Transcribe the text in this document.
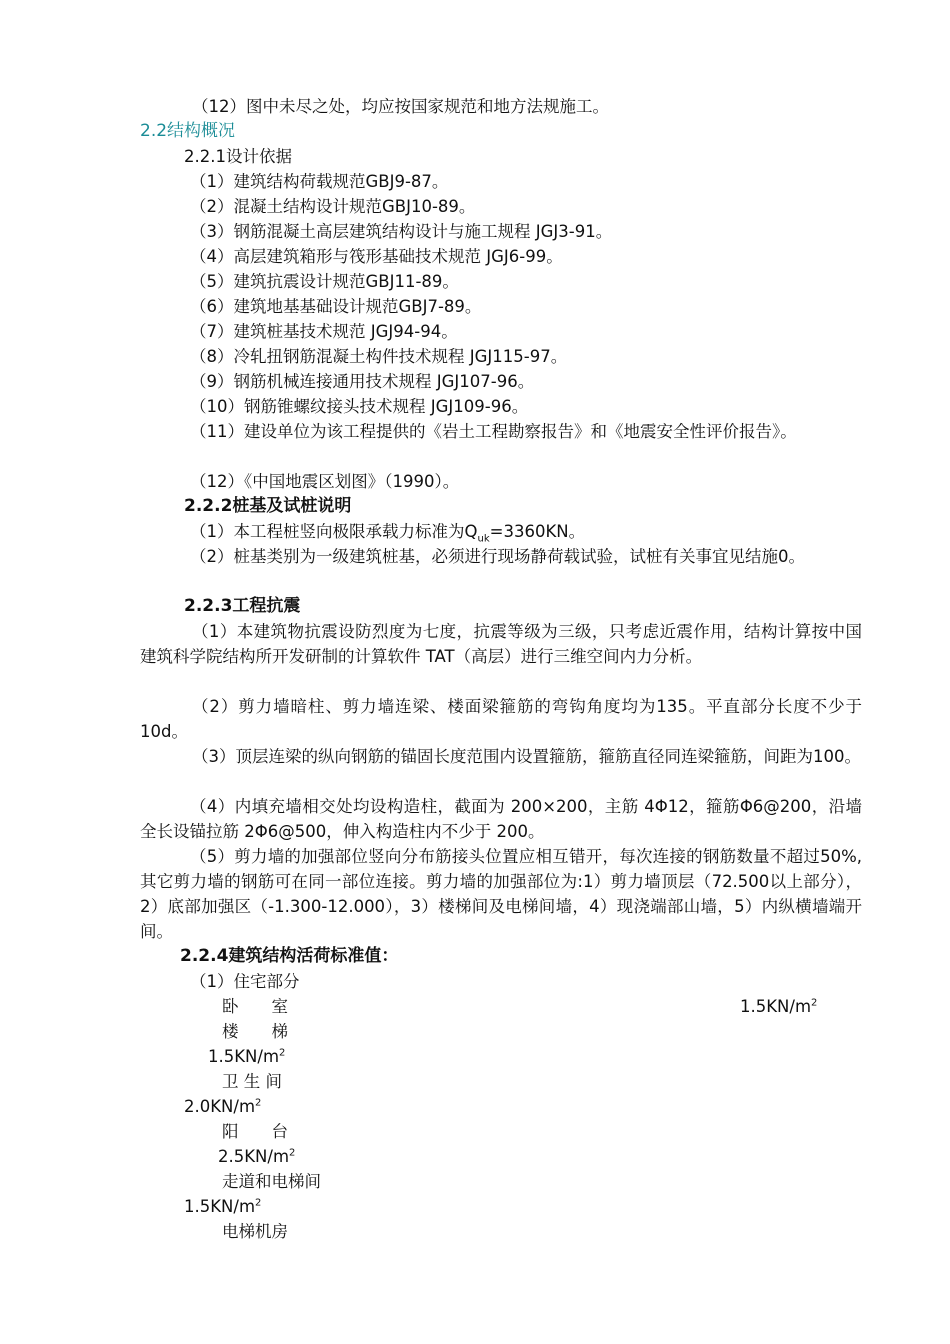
（12）图中未尽之处，均应按国家规范和地方法规施工。
2.2结构概况
2.2.1设计依据
（1）建筑结构荷载规范GBJ9-87。
（2）混凝土结构设计规范GBJ10-89。
（3）钢筋混凝土高层建筑结构设计与施工规程 JGJ3-91。
（4）高层建筑箱形与筏形基础技术规范 JGJ6-99。
（5）建筑抗震设计规范GBJ11-89。
（6）建筑地基基础设计规范GBJ7-89。
（7）建筑桩基技术规范 JGJ94-94。
（8）冷轧扭钢筋混凝土构件技术规程 JGJ115-97。
（9）钢筋机械连接通用技术规程 JGJ107-96。
（10）钢筋锥螺纹接头技术规程 JGJ109-96。
（11）建设单位为该工程提供的《岩土工程勘察报告》和《地震安全性评价报告》。
（12）《中国地震区划图》（1990）。
2.2.2桩基及试桩说明
（1）本工程桩竖向极限承载力标准为$Q_{uk}=3360KN$。
（2）桩基类别为一级建筑桩基，必须进行现场静荷载试验，试桩有关事宜见结施0。
2.2.3工程抗震
（1）本建筑物抗震设防烈度为七度，抗震等级为三级，只考虑近震作用，结构计算按中国建筑科学院结构所开发研制的计算软件 TAT（高层）进行三维空间内力分析。
（2）剪力墙暗柱、剪力墙连梁、楼面梁箍筋的弯钩角度均为135。平直部分长度不少于10d。
（3）顶层连梁的纵向钢筋的锚固长度范围内设置箍筋，箍筋直径同连梁箍筋，间距为100。
（4）内填充墙相交处均设构造柱，截面为 200×200，主筋 4Φ12，箍筋Φ6@200，沿墙全长设锚拉筋 2Φ6@500，伸入构造柱内不少于 200。
（5）剪力墙的加强部位竖向分布筋接头位置应相互错开，每次连接的钢筋数量不超过50%,其它剪力墙的钢筋可在同一部位连接。剪力墙的加强部位为:1）剪力墙顶层（72.500以上部分），2）底部加强区（-1.300-12.000），3）楼梯间及电梯间墙，4）现浇端部山墙，5）内纵横墙端开间。
2.2.4建筑结构活荷标准值：
（1）住宅部分
卧　　室	$1.5KN/m^2$
楼　　梯
$1.5KN/m^2$
卫 生 间
$2.0KN/m^2$
阳　　台
$2.5KN/m^2$
走道和电梯间
$1.5KN/m^2$
电梯机房
